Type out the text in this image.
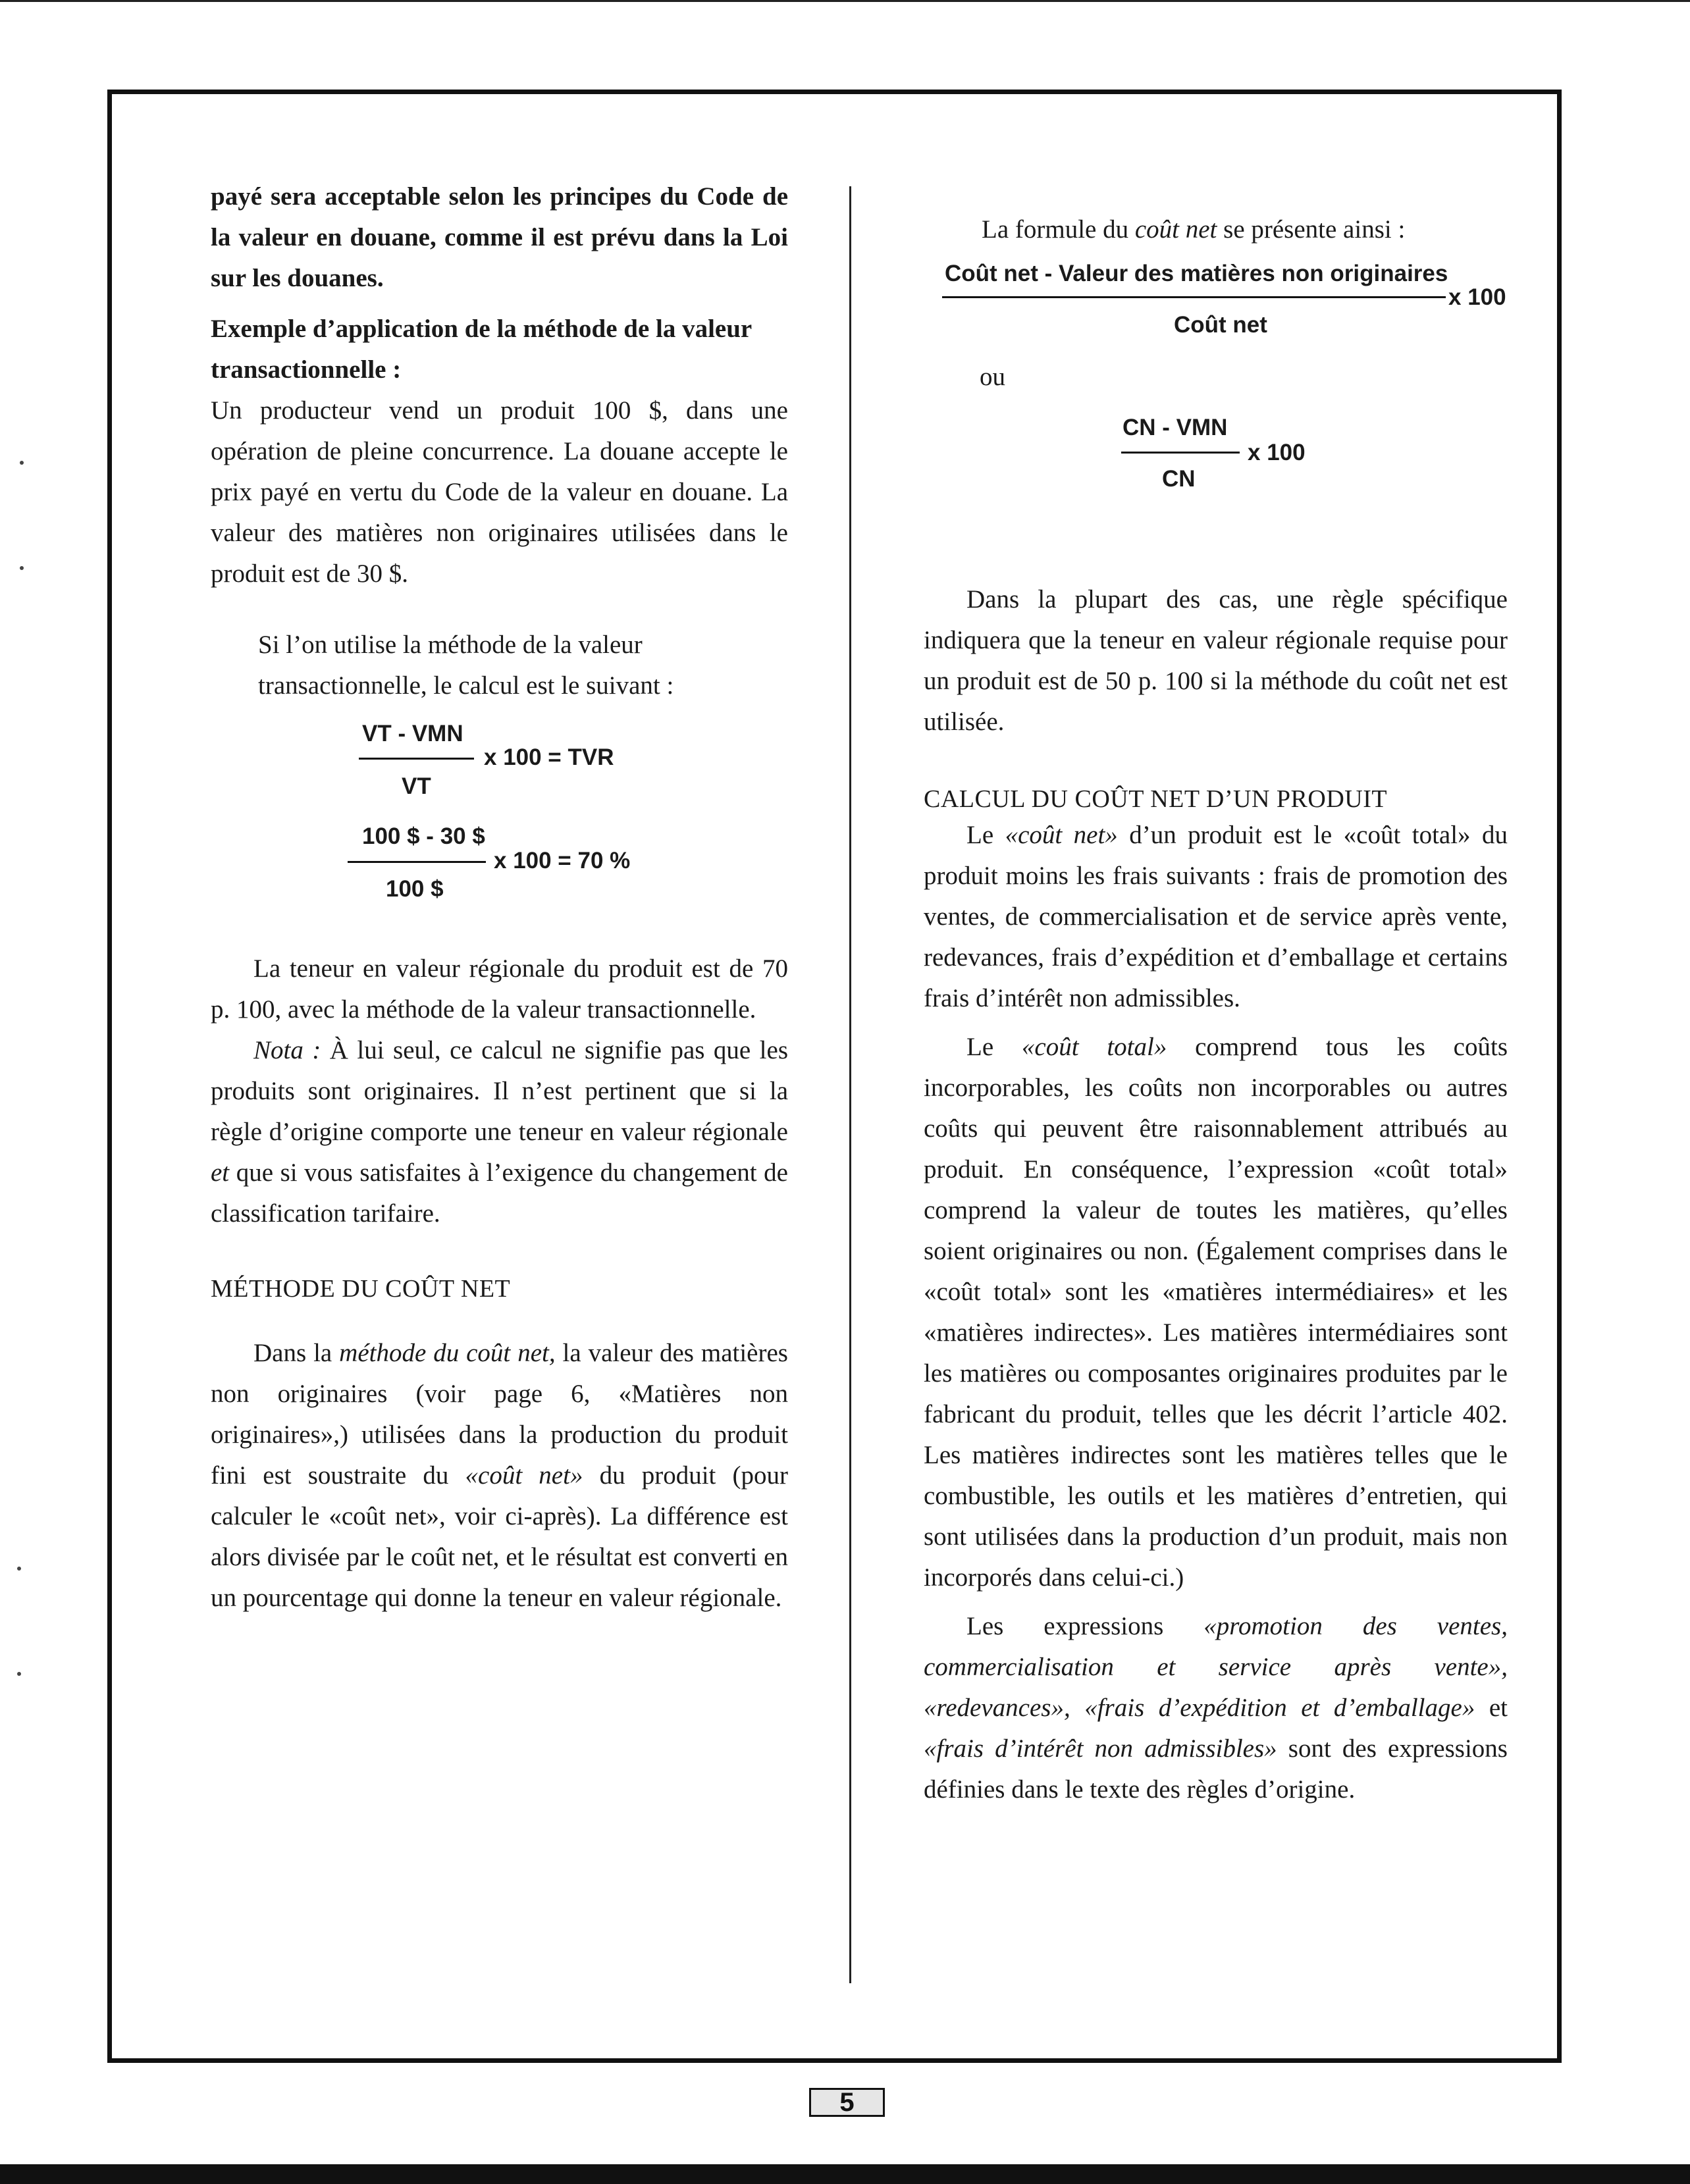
payé sera acceptable selon les principes du Code de la valeur en douane, comme il est prévu dans la Loi sur les douanes.

Exemple d’application de la méthode de la valeur transactionnelle :

Un producteur vend un produit 100 $, dans une opération de pleine concurrence. La douane accepte le prix payé en vertu du Code de la valeur en douane. La valeur des matières non originaires utilisées dans le produit est de 30 $.

Si l’on utilise la méthode de la valeur transactionnelle, le calcul est le suivant :

VT - VMN
x 100 = TVR
VT
100 $ - 30 $
x 100 = 70 %
100 $

La teneur en valeur régionale du produit est de 70 p. 100, avec la méthode de la valeur transactionnelle.

Nota : À lui seul, ce calcul ne signifie pas que les produits sont originaires. Il n’est pertinent que si la règle d’origine comporte une teneur en valeur régionale et que si vous satisfaites à l’exigence du changement de classification tarifaire.

MÉTHODE DU COÛT NET

Dans la méthode du coût net, la valeur des matières non originaires (voir page 6, «Matières non originaires»,) utilisées dans la production du produit fini est soustraite du «coût net» du produit (pour calculer le «coût net», voir ci-après). La différence est alors divisée par le coût net, et le résultat est converti en un pourcentage qui donne la teneur en valeur régionale.

La formule du coût net se présente ainsi :

Coût net - Valeur des matières non originaires
x 100
Coût net
ou
CN - VMN
x 100
CN

Dans la plupart des cas, une règle spécifique indiquera que la teneur en valeur régionale requise pour un produit est de 50 p. 100 si la méthode du coût net est utilisée.

CALCUL DU COÛT NET D’UN PRODUIT

Le «coût net» d’un produit est le «coût total» du produit moins les frais suivants : frais de promotion des ventes, de commercialisation et de service après vente, redevances, frais d’expédition et d’emballage et certains frais d’intérêt non admissibles.

Le «coût total» comprend tous les coûts incorporables, les coûts non incorporables ou autres coûts qui peuvent être raisonnablement attribués au produit. En conséquence, l’expression «coût total» comprend la valeur de toutes les matières, qu’elles soient originaires ou non. (Également comprises dans le «coût total» sont les «matières intermédiaires» et les «matières indirectes». Les matières intermédiaires sont les matières ou composantes originaires produites par le fabricant du produit, telles que les décrit l’article 402. Les matières indirectes sont les matières telles que le combustible, les outils et les matières d’entretien, qui sont utilisées dans la production d’un produit, mais non incorporés dans celui-ci.)

Les expressions «promotion des ventes, commercialisation et service après vente», «redevances», «frais d’expédition et d’emballage» et «frais d’intérêt non admissibles» sont des expressions définies dans le texte des règles d’origine.

5
